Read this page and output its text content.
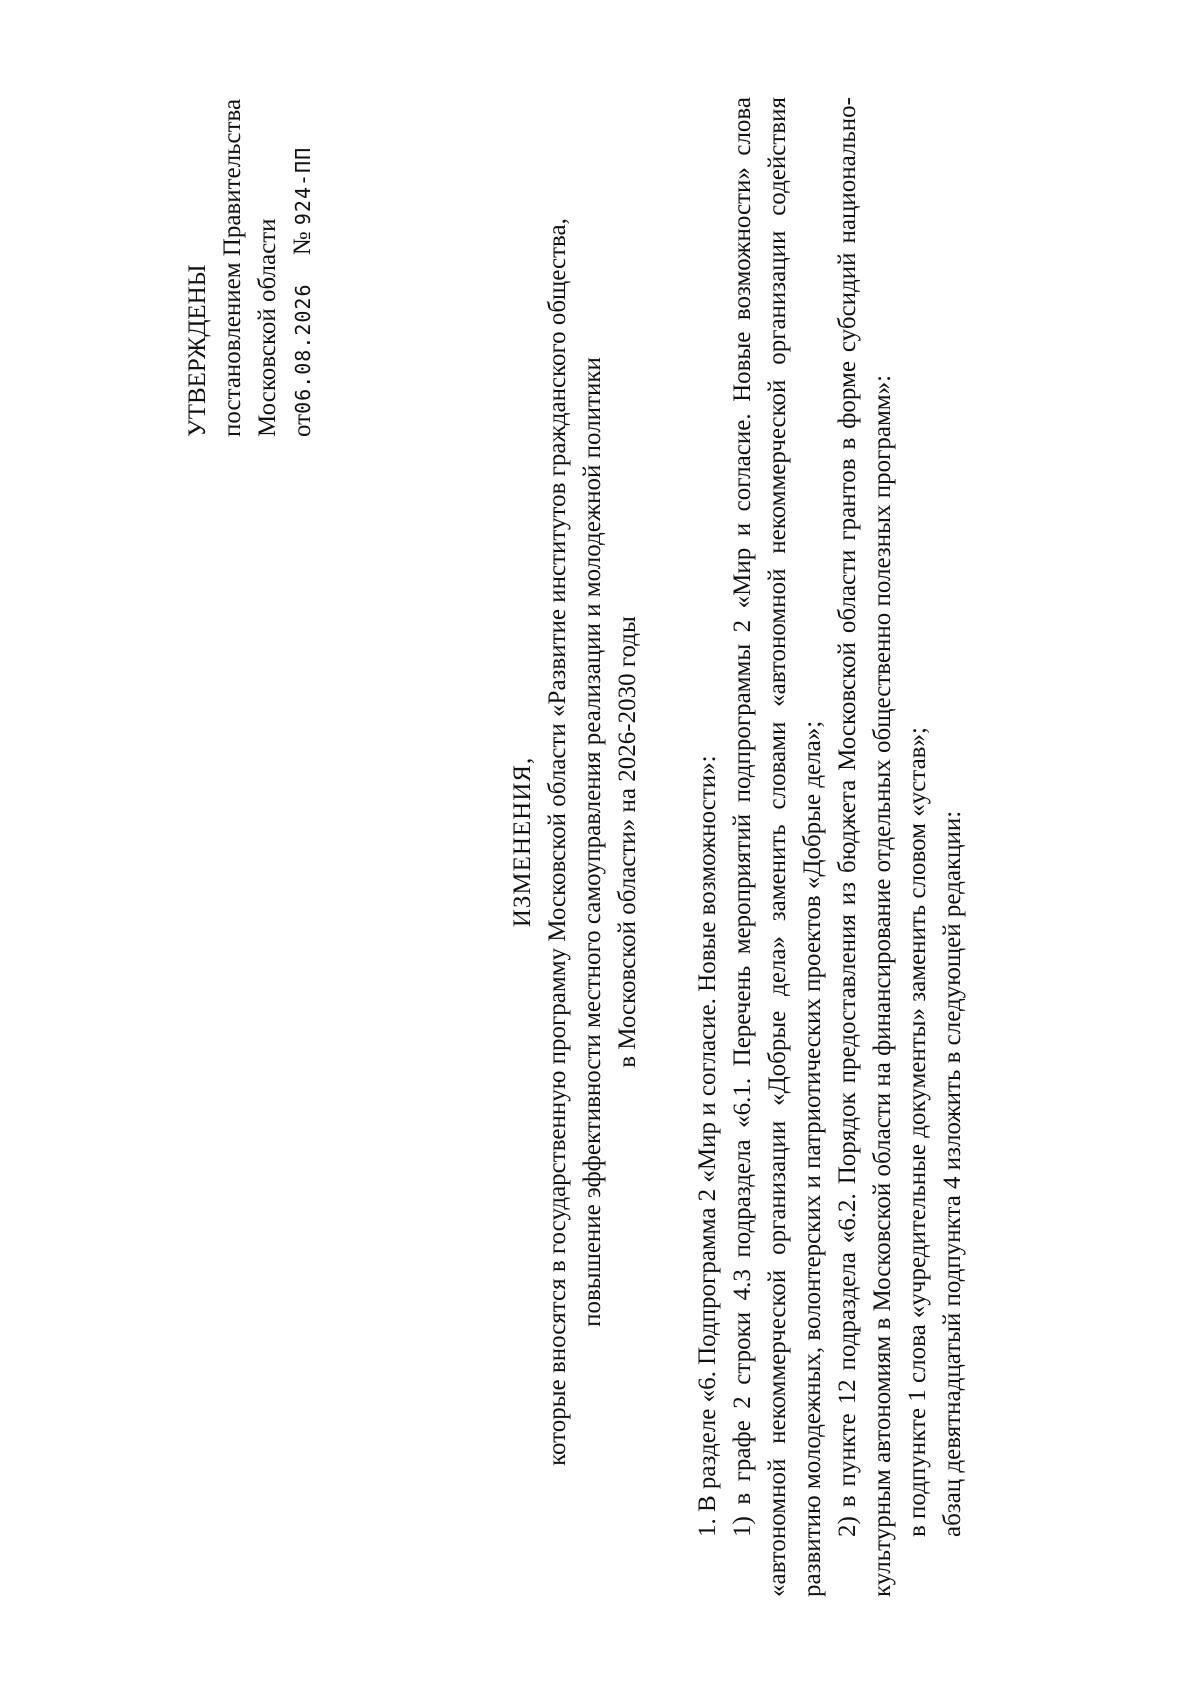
УТВЕРЖДЕНЫ постановлением Правительства Московской области от06.08.2026 № 924-ПП
ИЗМЕНЕНИЯ, которые вносятся в государственную программу Московской области «Развитие институтов гражданского общества, повышение эффективности местного самоуправления реализации и молодежной политики в Московской области» на 2026-2030 годы 1. В разделе «6. Подпрограмма 2 «Мир и согласие. Новые возможности»: 1) в графе 2 строки 4.3 подраздела «6.1. Перечень мероприятий подпрограммы 2 «Мир и согласие. Новые возможности» слова «автономной некоммерческой организации «Добрые дела» заменить словами «автономной некоммерческой организации содействия развитию молодежных, волонтерских и патриотических проектов «Добрые дела»; 2) в пункте 12 подраздела «6.2. Порядок предоставления из бюджета Московской области грантов в форме субсидий национально-культурным автономиям в Московской области на финансирование отдельных общественно полезных программ»: в подпункте 1 слова «учредительные документы» заменить словом «устав»; абзац девятнадцатый подпункта 4 изложить в следующей редакции:
